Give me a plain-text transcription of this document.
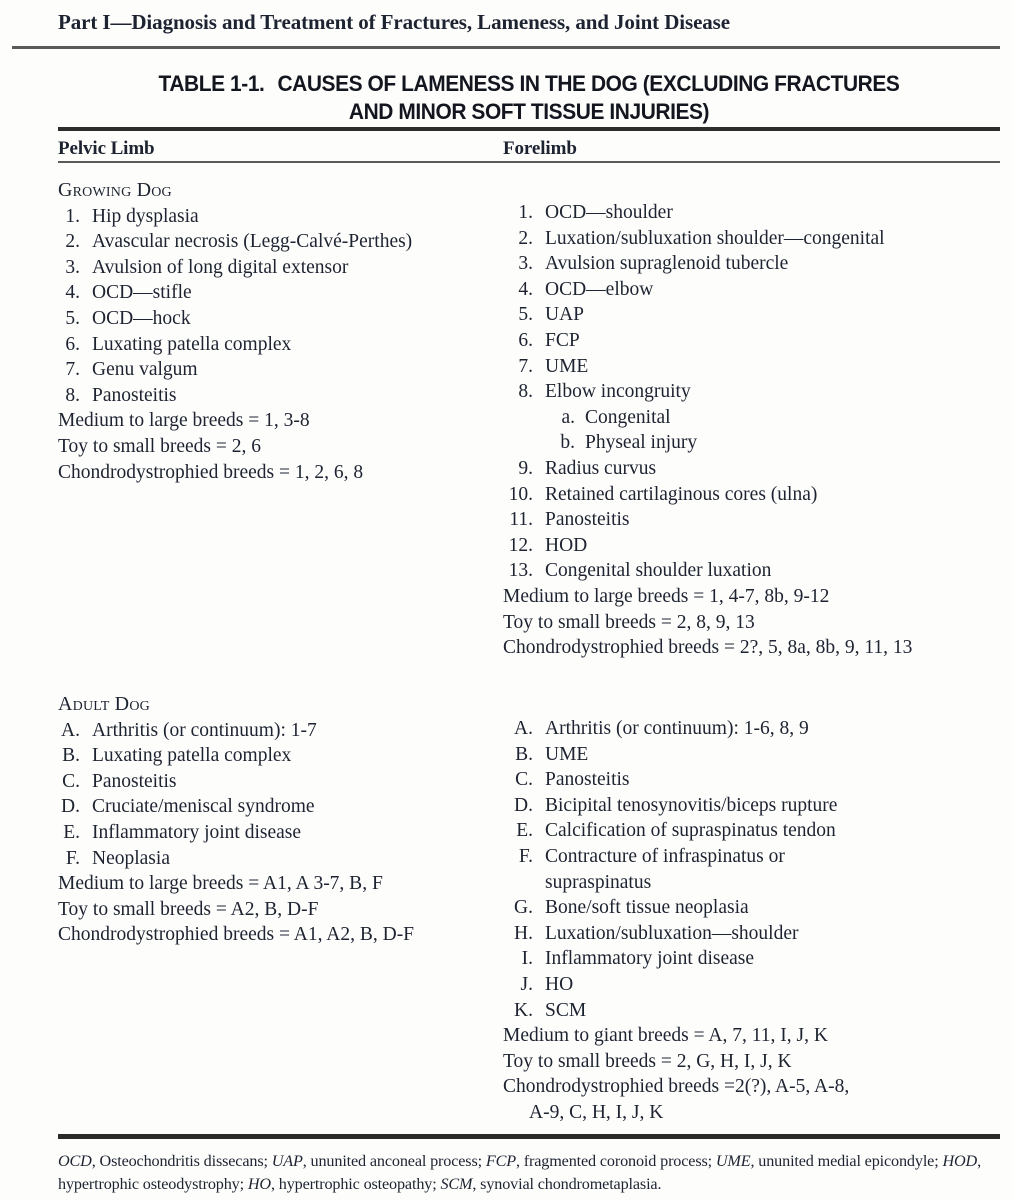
Part I—Diagnosis and Treatment of Fractures, Lameness, and Joint Disease
TABLE 1-1. CAUSES OF LAMENESS IN THE DOG (EXCLUDING FRACTURES
AND MINOR SOFT TISSUE INJURIES)
Pelvic Limb	Forelimb
Growing Dog
1. Hip dysplasia
2. Avascular necrosis (Legg-Calvé-Perthes)
3. Avulsion of long digital extensor
4. OCD—stifle
5. OCD—hock
6. Luxating patella complex
7. Genu valgum
8. Panosteitis
Medium to large breeds = 1, 3-8
Toy to small breeds = 2, 6
Chondrodystrophied breeds = 1, 2, 6, 8
Adult Dog
A. Arthritis (or continuum): 1-7
B. Luxating patella complex
C. Panosteitis
D. Cruciate/meniscal syndrome
E. Inflammatory joint disease
F. Neoplasia
Medium to large breeds = A1, A 3-7, B, F
Toy to small breeds = A2, B, D-F
Chondrodystrophied breeds = A1, A2, B, D-F
1. OCD—shoulder
2. Luxation/subluxation shoulder—congenital
3. Avulsion supraglenoid tubercle
4. OCD—elbow
5. UAP
6. FCP
7. UME
8. Elbow incongruity
a. Congenital
b. Physeal injury
9. Radius curvus
10. Retained cartilaginous cores (ulna)
11. Panosteitis
12. HOD
13. Congenital shoulder luxation
Medium to large breeds = 1, 4-7, 8b, 9-12
Toy to small breeds = 2, 8, 9, 13
Chondrodystrophied breeds = 2?, 5, 8a, 8b, 9, 11, 13
A. Arthritis (or continuum): 1-6, 8, 9
B. UME
C. Panosteitis
D. Bicipital tenosynovitis/biceps rupture
E. Calcification of supraspinatus tendon
F. Contracture of infraspinatus or
supraspinatus
G. Bone/soft tissue neoplasia
H. Luxation/subluxation—shoulder
I. Inflammatory joint disease
J. HO
K. SCM
Medium to giant breeds = A, 7, 11, I, J, K
Toy to small breeds = 2, G, H, I, J, K
Chondrodystrophied breeds =2(?), A-5, A-8,
A-9, C, H, I, J, K
OCD, Osteochondritis dissecans; UAP, ununited anconeal process; FCP, fragmented coronoid process; UME, ununited medial epicondyle; HOD, hypertrophic osteodystrophy; HO, hypertrophic osteopathy; SCM, synovial chondrometaplasia.
